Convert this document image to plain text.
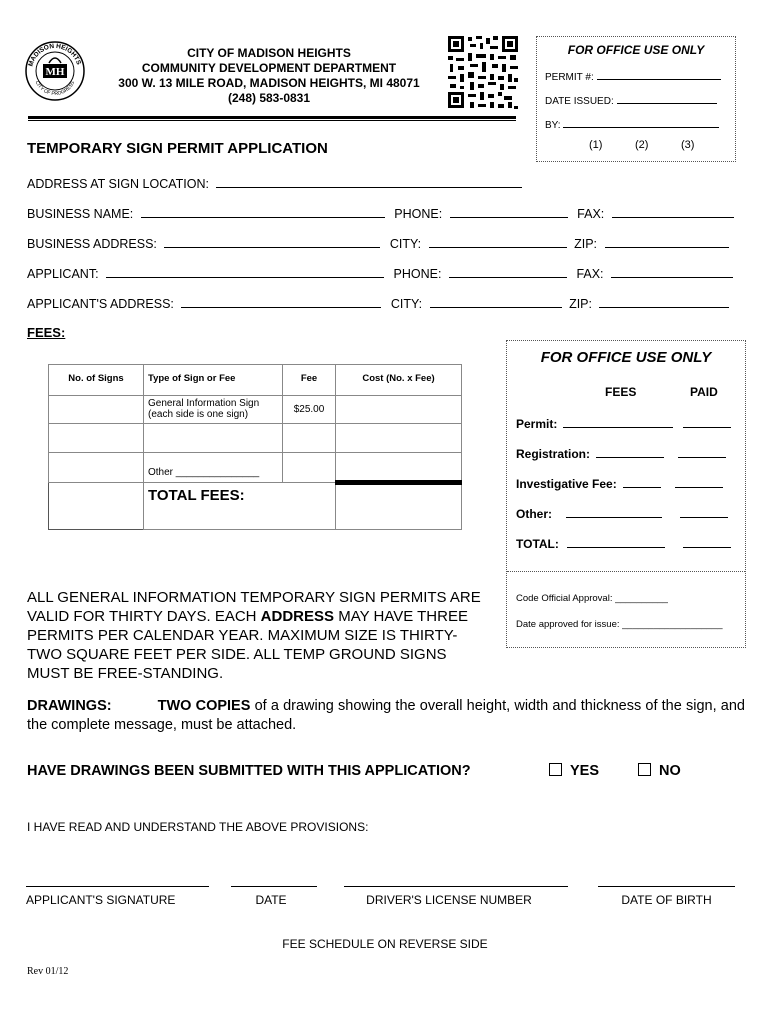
MADISON HEIGHTS
CITY OF PROGRESS
MH
CITY OF MADISON HEIGHTS
COMMUNITY DEVELOPMENT DEPARTMENT
300 W. 13 MILE ROAD, MADISON HEIGHTS, MI 48071
(248) 583-0831
FOR OFFICE USE ONLY
PERMIT #:
DATE ISSUED:
BY:
(1)	(2)	(3)
TEMPORARY SIGN PERMIT APPLICATION
ADDRESS AT SIGN LOCATION:
BUSINESS NAME:	PHONE:	FAX:
BUSINESS ADDRESS:	CITY:	ZIP:
APPLICANT:	PHONE:	FAX:
APPLICANT'S ADDRESS:	CITY:	ZIP:
FEES:
No. of Signs	Type of Sign or Fee	Fee	Cost (No. x Fee)
	General Information Sign (each side is one sign)	$25.00	

	Other _______________		
	TOTAL FEES:		
FOR OFFICE USE ONLY
FEES	PAID
Permit:
Registration:
Investigative Fee:
Other:
TOTAL:
Code Official Approval: __________
Date approved for issue: ___________________
ALL GENERAL INFORMATION TEMPORARY SIGN PERMITS ARE VALID FOR THIRTY DAYS. EACH ADDRESS MAY HAVE THREE PERMITS PER CALENDAR YEAR. MAXIMUM SIZE IS THIRTY-TWO SQUARE FEET PER SIDE. ALL TEMP GROUND SIGNS MUST BE FREE-STANDING.
DRAWINGS:	TWO COPIES of a drawing showing the overall height, width and thickness of the sign, and the complete message, must be attached.
HAVE DRAWINGS BEEN SUBMITTED WITH THIS APPLICATION?	YES	NO
I HAVE READ AND UNDERSTAND THE ABOVE PROVISIONS:
APPLICANT'S SIGNATURE	DATE	DRIVER'S LICENSE NUMBER	DATE OF BIRTH
FEE SCHEDULE ON REVERSE SIDE
Rev 01/12
